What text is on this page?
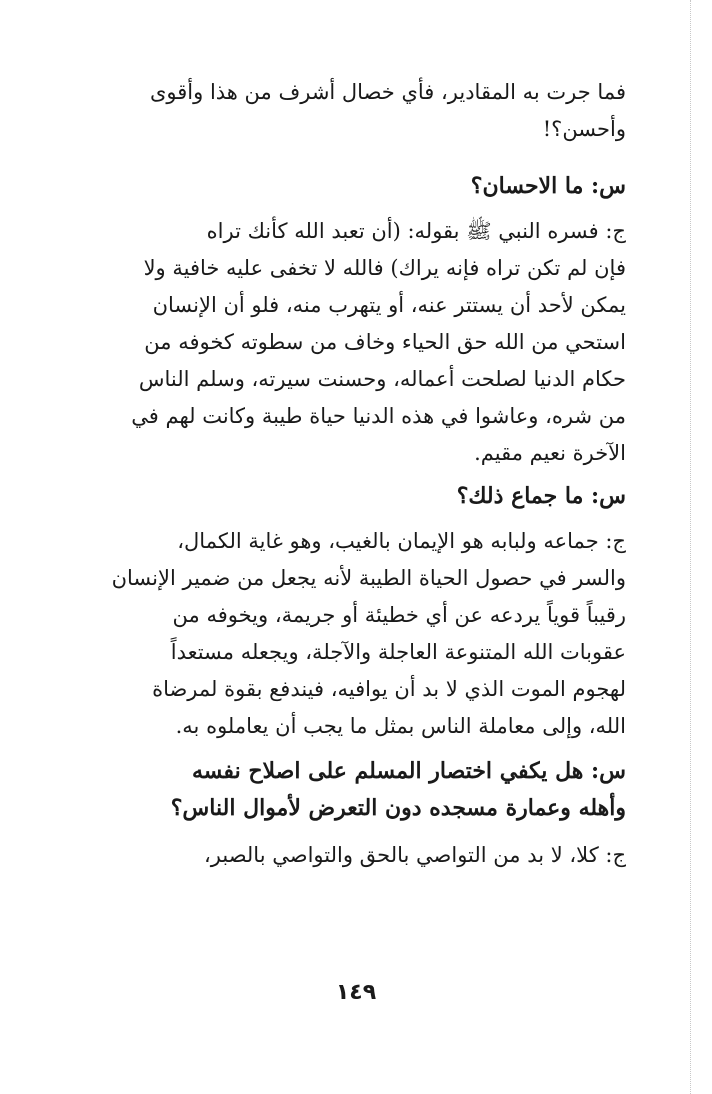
فما جرت به المقادير، فأي خصال أشرف من هذا وأقوى
وأحسن؟!
س: ما الاحسان؟
ج: فسره النبي ﷺ بقوله: (أن تعبد الله كأنك تراه
فإن لم تكن تراه فإنه يراك) فالله لا تخفى عليه خافية ولا
يمكن لأحد أن يستتر عنه، أو يتهرب منه، فلو أن الإنسان
استحي من الله حق الحياء وخاف من سطوته كخوفه من
حكام الدنيا لصلحت أعماله، وحسنت سيرته، وسلم الناس
من شره، وعاشوا في هذه الدنيا حياة طيبة وكانت لهم في
الآخرة نعيم مقيم.
س: ما جماع ذلك؟
ج: جماعه ولبابه هو الإيمان بالغيب، وهو غاية الكمال،
والسر في حصول الحياة الطيبة لأنه يجعل من ضمير الإنسان
رقيباً قوياً يردعه عن أي خطيئة أو جريمة، ويخوفه من
عقوبات الله المتنوعة العاجلة والآجلة، ويجعله مستعداً
لهجوم الموت الذي لا بد أن يوافيه، فيندفع بقوة لمرضاة
الله، وإلى معاملة الناس بمثل ما يجب أن يعاملوه به.
س: هل يكفي اختصار المسلم على اصلاح نفسه
وأهله وعمارة مسجده دون التعرض لأموال الناس؟
ج: كلا، لا بد من التواصي بالحق والتواصي بالصبر،
١٤٩
